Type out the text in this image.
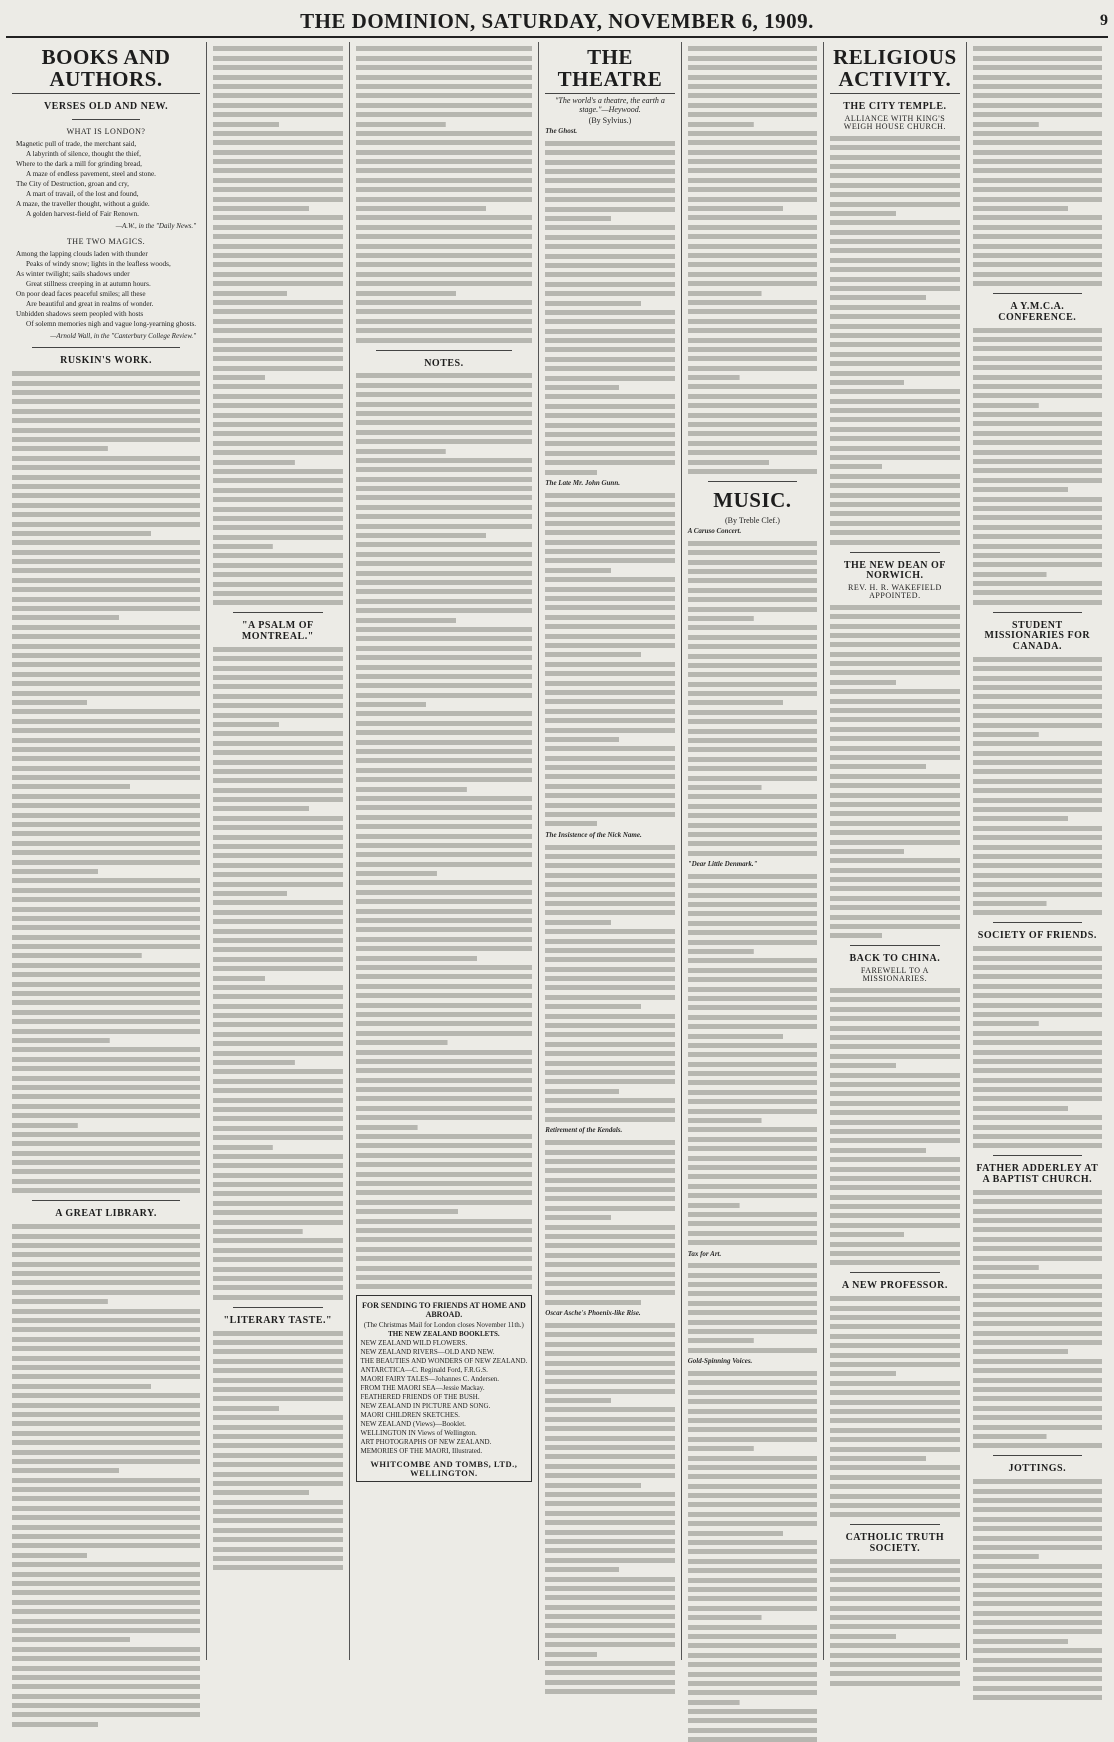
THE DOMINION, SATURDAY, NOVEMBER 6, 1909.	9
BOOKS AND AUTHORS.
VERSES OLD AND NEW.
WHAT IS LONDON?
Magnetic pull of trade, the merchant said,
A labyrinth of silence, thought the thief,
Where to the dark a mill for grinding bread,
A maze of endless pavement, steel and stone.
The City of Destruction, groan and cry,
A mart of travail, of the lost and found,
A maze, the traveller thought, without a guide.
A golden harvest-field of Fair Renown.
—A.W., in the "Daily News."
THE TWO MAGICS.
Among the lapping clouds laden with thunder
Peaks of windy snow; lights in the leafless woods,
As winter twilight; sails shadows under
Great stillness creeping in at autumn hours.
On poor dead faces peaceful smiles; all these
Are beautiful and great in realms of wonder.
Unbidden shadows seem peopled with hosts
Of solemn memories nigh and vague long-yearning ghosts.
—Arnold Wall, in the "Canterbury College Review."
RUSKIN'S WORK.
A GREAT LIBRARY.
"A PSALM OF MONTREAL."
"LITERARY TASTE."
NOTES.
FOR SENDING TO FRIENDS AT HOME AND ABROAD.
(The Christmas Mail for London closes November 11th.)
THE NEW ZEALAND BOOKLETS.
NEW ZEALAND WILD FLOWERS.
NEW ZEALAND RIVERS—OLD AND NEW.
THE BEAUTIES AND WONDERS OF NEW ZEALAND.
ANTARCTICA—C. Reginald Ford, F.R.G.S.
MAORI FAIRY TALES—Johannes C. Andersen.
FROM THE MAORI SEA—Jessie Mackay.
FEATHERED FRIENDS OF THE BUSH.
NEW ZEALAND IN PICTURE AND SONG.
MAORI CHILDREN SKETCHES.
NEW ZEALAND (Views)—Booklet.
WELLINGTON IN Views of Wellington.
ART PHOTOGRAPHS OF NEW ZEALAND.
MEMORIES OF THE MAORI, Illustrated.
WHITCOMBE AND TOMBS, LTD., WELLINGTON.
THE THEATRE
"The world's a theatre, the earth a stage."—Heywood.
(By Sylvius.)
The Ghost.
The Late Mr. John Gunn.
The Insistence of the Nick Name.
Retirement of the Kendals.
Oscar Asche's Phoenix-like Rise.
MUSIC.
(By Treble Clef.)
A Caruso Concert.
"Dear Little Denmark."
Tax for Art.
Gold-Spinning Voices.
RELIGIOUS ACTIVITY.
THE CITY TEMPLE.
ALLIANCE WITH KING'S WEIGH HOUSE CHURCH.
THE NEW DEAN OF NORWICH.
REV. H. R. WAKEFIELD APPOINTED.
BACK TO CHINA.
FAREWELL TO A MISSIONARIES.
A NEW PROFESSOR.
CATHOLIC TRUTH SOCIETY.
A Y.M.C.A. CONFERENCE.
STUDENT MISSIONARIES FOR CANADA.
SOCIETY OF FRIENDS.
FATHER ADDERLEY AT A BAPTIST CHURCH.
JOTTINGS.
